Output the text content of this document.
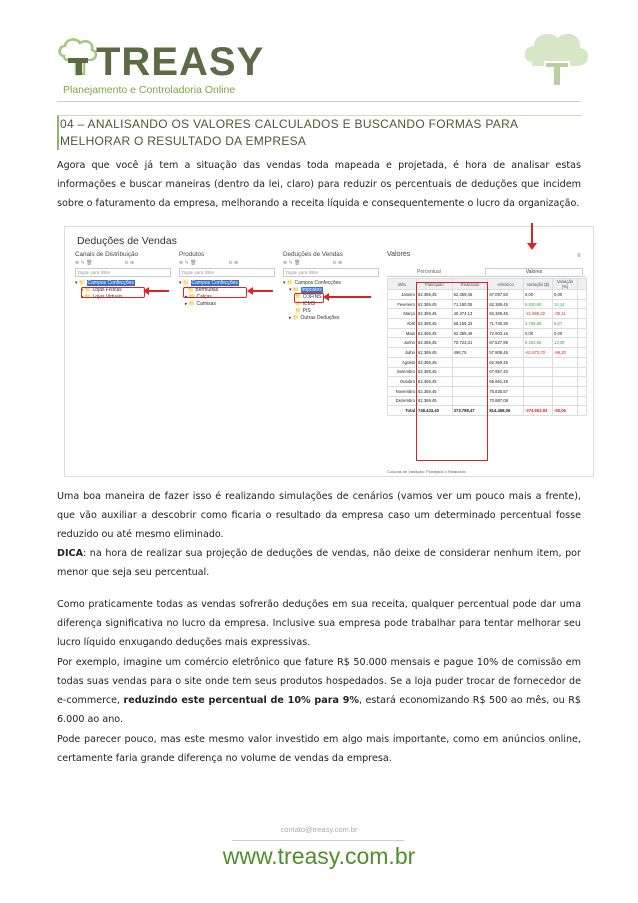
TREASY
Planejamento e Controladoria Online
04 – ANALISANDO OS VALORES CALCULADOS E BUSCANDO FORMAS PARA MELHORAR O RESULTADO DA EMPRESA
Agora que você já tem a situação das vendas toda mapeada e projetada, é hora de analisar estas informações e buscar maneiras (dentro da lei, claro) para reduzir os percentuais de deduções que incidem sobre o faturamento da empresa, melhorando a receita líquida e consequentemente o lucro da organização.
Deduções de Vendas
Canais de Distribuição
⊕ ✎ 🗑                       ⊖ ⊕
Digite para filtrar
▾ 📁 Campos Confecções
▸ 📁 Lojas Físicas
▸ 📁 Lojas Virtuais
Produtos
⊕ ✎ 🗑                       ⊖ ⊕
Digite para filtrar
▾ 📁 Campos Confecções
📁 Bermudas
▸ 📁 Calças
▸ 📁 Camisas
Deduções de Vendas
⊕ ✎ 🗑                       ⊖ ⊕
Digite para filtrar
▾ 📁 Campos Confecções
▾ 📁 Impostos
📁 COFINS
📁 ICMS
📁 PIS
▸ 📁 Outras Deduções
Valores	≡
Percentual	Valores
Mês	Planejado	Realizado	Histórico	Variação ($)	Variação (%)	
Janeiro	62.369,45	62.369,45	67.057,50	0,00	0,00	
Fevereiro	62.369,45	71.190,05	62.369,45	8.820,60	14,14	
Março	62.369,45	40.474,13	62.369,45	-21.895,32	-35,11	
Abril	62.369,45	66.155,33	71.740,36	3.785,88	6,07	
Maio	62.369,45	62.369,45	72.903,16	0,00	0,00	
Junho	62.369,45	70.723,31	67.527,99	8.353,86	13,39	
Julho	62.369,45	496,75	57.808,45	-61.872,70	-99,20	
Agosto	62.369,45		62.369,45			
Setembro	62.369,45		67.957,40			
Outubro	62.369,45		65.951,48			
Novembro	62.369,45		75.835,57			
Dezembro	62.369,45		70.887,08			
Total	748.433,40	373.788,47	814.458,06	-374.652,93	-50,06	
Colunas de Variação: Planejado x Realizado
Uma boa maneira de fazer isso é realizando simulações de cenários (vamos ver um pouco mais a frente), que vão auxiliar a descobrir como ficaria o resultado da empresa caso um determinado percentual fosse reduzido ou até mesmo eliminado.
DICA: na hora de realizar sua projeção de deduções de vendas, não deixe de considerar nenhum item, por menor que seja seu percentual.
Como praticamente todas as vendas sofrerão deduções em sua receita, qualquer percentual pode dar uma diferença significativa no lucro da empresa. Inclusive sua empresa pode trabalhar para tentar melhorar seu lucro líquido enxugando deduções mais expressivas.
Por exemplo, imagine um comércio eletrônico que fature R$ 50.000 mensais e pague 10% de comissão em todas suas vendas para o site onde tem seus produtos hospedados. Se a loja puder trocar de fornecedor de e-commerce, reduzindo este percentual de 10% para 9%, estará economizando R$ 500 ao mês, ou R$ 6.000 ao ano.
Pode parecer pouco, mas este mesmo valor investido em algo mais importante, como em anúncios online, certamente faria grande diferença no volume de vendas da empresa.
contato@treasy.com.br
www.treasy.com.br
